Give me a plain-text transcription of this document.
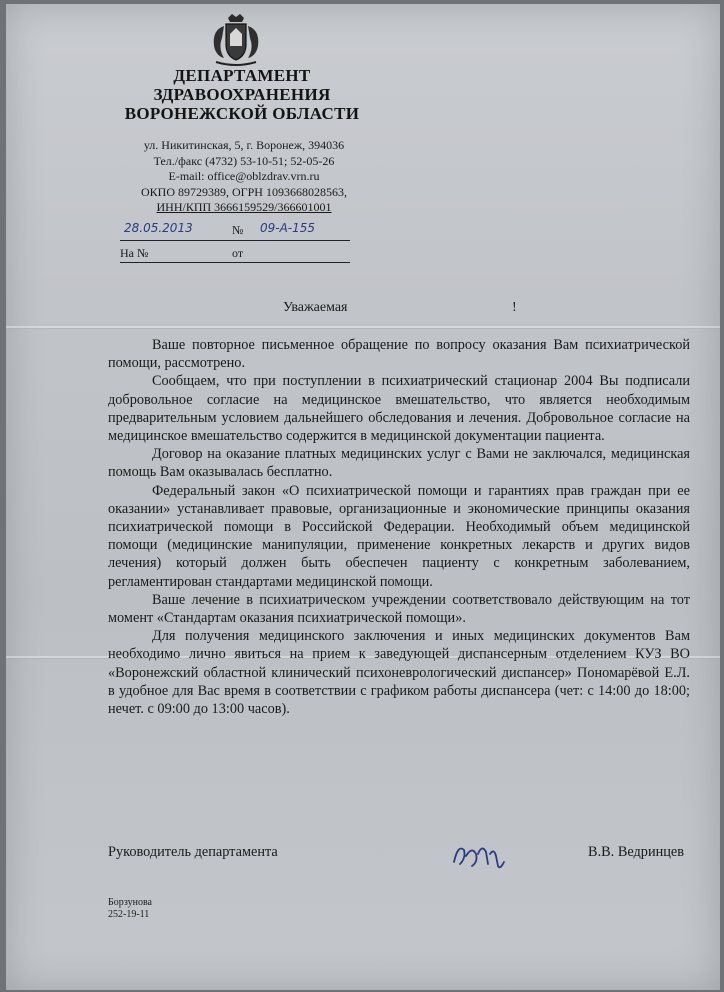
ДЕПАРТАМЕНТ
ЗДРАВООХРАНЕНИЯ
ВОРОНЕЖСКОЙ ОБЛАСТИ
ул. Никитинская, 5, г. Воронеж, 394036
Тел./факс (4732) 53-10-51; 52-05-26
E-mail: office@oblzdrav.vrn.ru
ОКПО 89729389, ОГРН 1093668028563,
ИНН/КПП 3666159529/366601001
28.05.2013	№ 09-А-155
На №	от
Уважаемая	!

Ваше повторное письменное обращение по вопросу оказания Вам психиатрической помощи, рассмотрено.

Сообщаем, что при поступлении в психиатрический стационар 2004 Вы подписали добровольное согласие на медицинское вмешательство, что является необходимым предварительным условием дальнейшего обследования и лечения. Добровольное согласие на медицинское вмешательство содержится в медицинской документации пациента.

Договор на оказание платных медицинских услуг с Вами не заключался, медицинская помощь Вам оказывалась бесплатно.

Федеральный закон «О психиатрической помощи и гарантиях прав граждан при ее оказании» устанавливает правовые, организационные и экономические принципы оказания психиатрической помощи в Российской Федерации. Необходимый объем медицинской помощи (медицинские манипуляции, применение конкретных лекарств и других видов лечения) который должен быть обеспечен пациенту с конкретным заболеванием, регламентирован стандартами медицинской помощи.

Ваше лечение в психиатрическом учреждении соответствовало действующим на тот момент «Стандартам оказания психиатрической помощи».

Для получения медицинского заключения и иных медицинских документов Вам необходимо лично явиться на прием к заведующей диспансерным отделением КУЗ ВО «Воронежский областной клинический психоневрологический диспансер» Пономарёвой Е.Л. в удобное для Вас время в соответствии с графиком работы диспансера (чет: с 14:00 до 18:00; нечет. с 09:00 до 13:00 часов).

Руководитель департамента	В.В. Ведринцев
Борзунова
252-19-11
